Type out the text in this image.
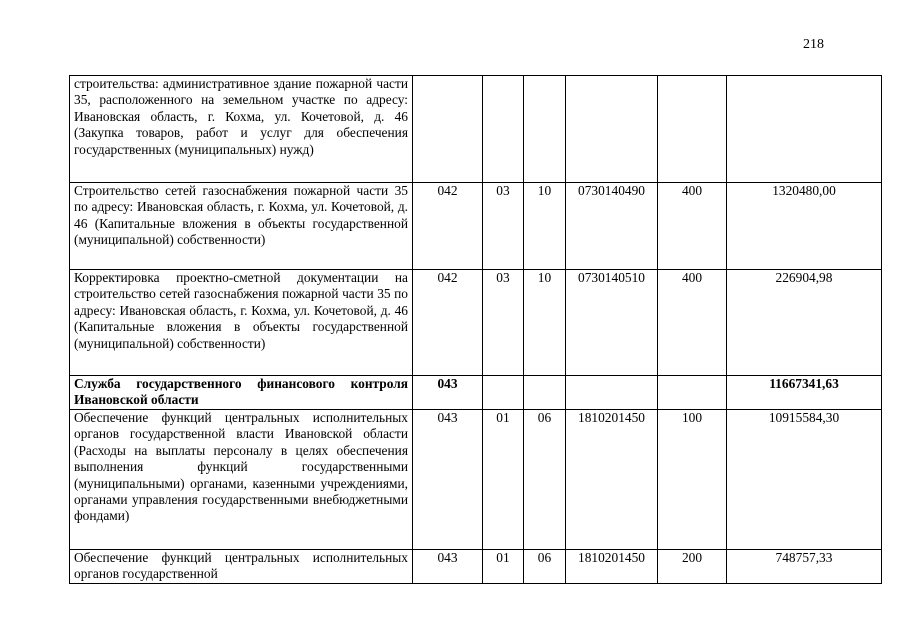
218
строительства: административное здание пожарной части 35, расположенного на земельном участке по адресу: Ивановская область, г. Кохма, ул. Кочетовой, д. 46 (Закупка товаров, работ и услуг для обеспечения государственных (муниципальных) нужд)						
Строительство сетей газоснабжения пожарной части 35 по адресу: Ивановская область, г. Кохма, ул. Кочетовой, д. 46 (Капитальные вложения в объекты государственной (муниципальной) собственности)	042	03	10	0730140490	400	1320480,00
Корректировка проектно-сметной документации на строительство сетей газоснабжения пожарной части 35 по адресу: Ивановская область, г. Кохма, ул. Кочетовой, д. 46 (Капитальные вложения в объекты государственной (муниципальной) собственности)	042	03	10	0730140510	400	226904,98
Служба государственного финансового контроля Ивановской области	043					11667341,63
Обеспечение функций центральных исполнительных органов государственной власти Ивановской области (Расходы на выплаты персоналу в целях обеспечения выполнения функций государственными (муниципальными) органами, казенными учреждениями, органами управления государственными внебюджетными фондами)	043	01	06	1810201450	100	10915584,30
Обеспечение функций центральных исполнительных органов государственной	043	01	06	1810201450	200	748757,33
